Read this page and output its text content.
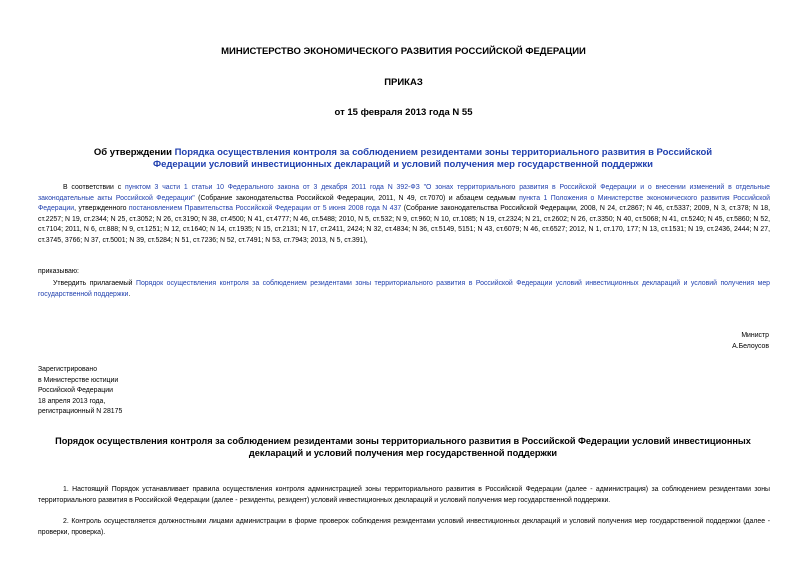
МИНИСТЕРСТВО ЭКОНОМИЧЕСКОГО РАЗВИТИЯ РОССИЙСКОЙ ФЕДЕРАЦИИ
ПРИКАЗ
от 15 февраля 2013 года N 55
Об утверждении Порядка осуществления контроля за соблюдением резидентами зоны территориального развития в Российской Федерации условий инвестиционных деклараций и условий получения мер государственной поддержки
В соответствии с пунктом 3 части 1 статьи 10 Федерального закона от 3 декабря 2011 года N 392-ФЗ "О зонах территориального развития в Российской Федерации и о внесении изменений в отдельные законодательные акты Российской Федерации" (Собрание законодательства Российской Федерации, 2011, N 49, ст.7070) и абзацем седьмым пункта 1 Положения о Министерстве экономического развития Российской Федерации, утвержденного постановлением Правительства Российской Федерации от 5 июня 2008 года N 437 (Собрание законодательства Российской Федерации, 2008, N 24, ст.2867; N 46, ст.5337; 2009, N 3, ст.378; N 18, ст.2257; N 19, ст.2344; N 25, ст.3052; N 26, ст.3190; N 38, ст.4500; N 41, ст.4777; N 46, ст.5488; 2010, N 5, ст.532; N 9, ст.960; N 10, ст.1085; N 19, ст.2324; N 21, ст.2602; N 26, ст.3350; N 40, ст.5068; N 41, ст.5240; N 45, ст.5860; N 52, ст.7104; 2011, N 6, ст.888; N 9, ст.1251; N 12, ст.1640; N 14, ст.1935; N 15, ст.2131; N 17, ст.2411, 2424; N 32, ст.4834; N 36, ст.5149, 5151; N 43, ст.6079; N 46, ст.6527; 2012, N 1, ст.170, 177; N 13, ст.1531; N 19, ст.2436, 2444; N 27, ст.3745, 3766; N 37, ст.5001; N 39, ст.5284; N 51, ст.7236; N 52, ст.7491; N 53, ст.7943; 2013, N 5, ст.391),
приказываю:
Утвердить прилагаемый Порядок осуществления контроля за соблюдением резидентами зоны территориального развития в Российской Федерации условий инвестиционных деклараций и условий получения мер государственной поддержки.
Министр
А.Белоусов
Зарегистрировано
в Министерстве юстиции
Российской Федерации
18 апреля 2013 года,
регистрационный N 28175
Порядок осуществления контроля за соблюдением резидентами зоны территориального развития в Российской Федерации условий инвестиционных деклараций и условий получения мер государственной поддержки
1. Настоящий Порядок устанавливает правила осуществления контроля администрацией зоны территориального развития в Российской Федерации (далее - администрация) за соблюдением резидентами зоны территориального развития в Российской Федерации (далее - резиденты, резидент) условий инвестиционных деклараций и условий получения мер государственной поддержки.
2. Контроль осуществляется должностными лицами администрации в форме проверок соблюдения резидентами условий инвестиционных деклараций и условий получения мер государственной поддержки (далее - проверки, проверка).
